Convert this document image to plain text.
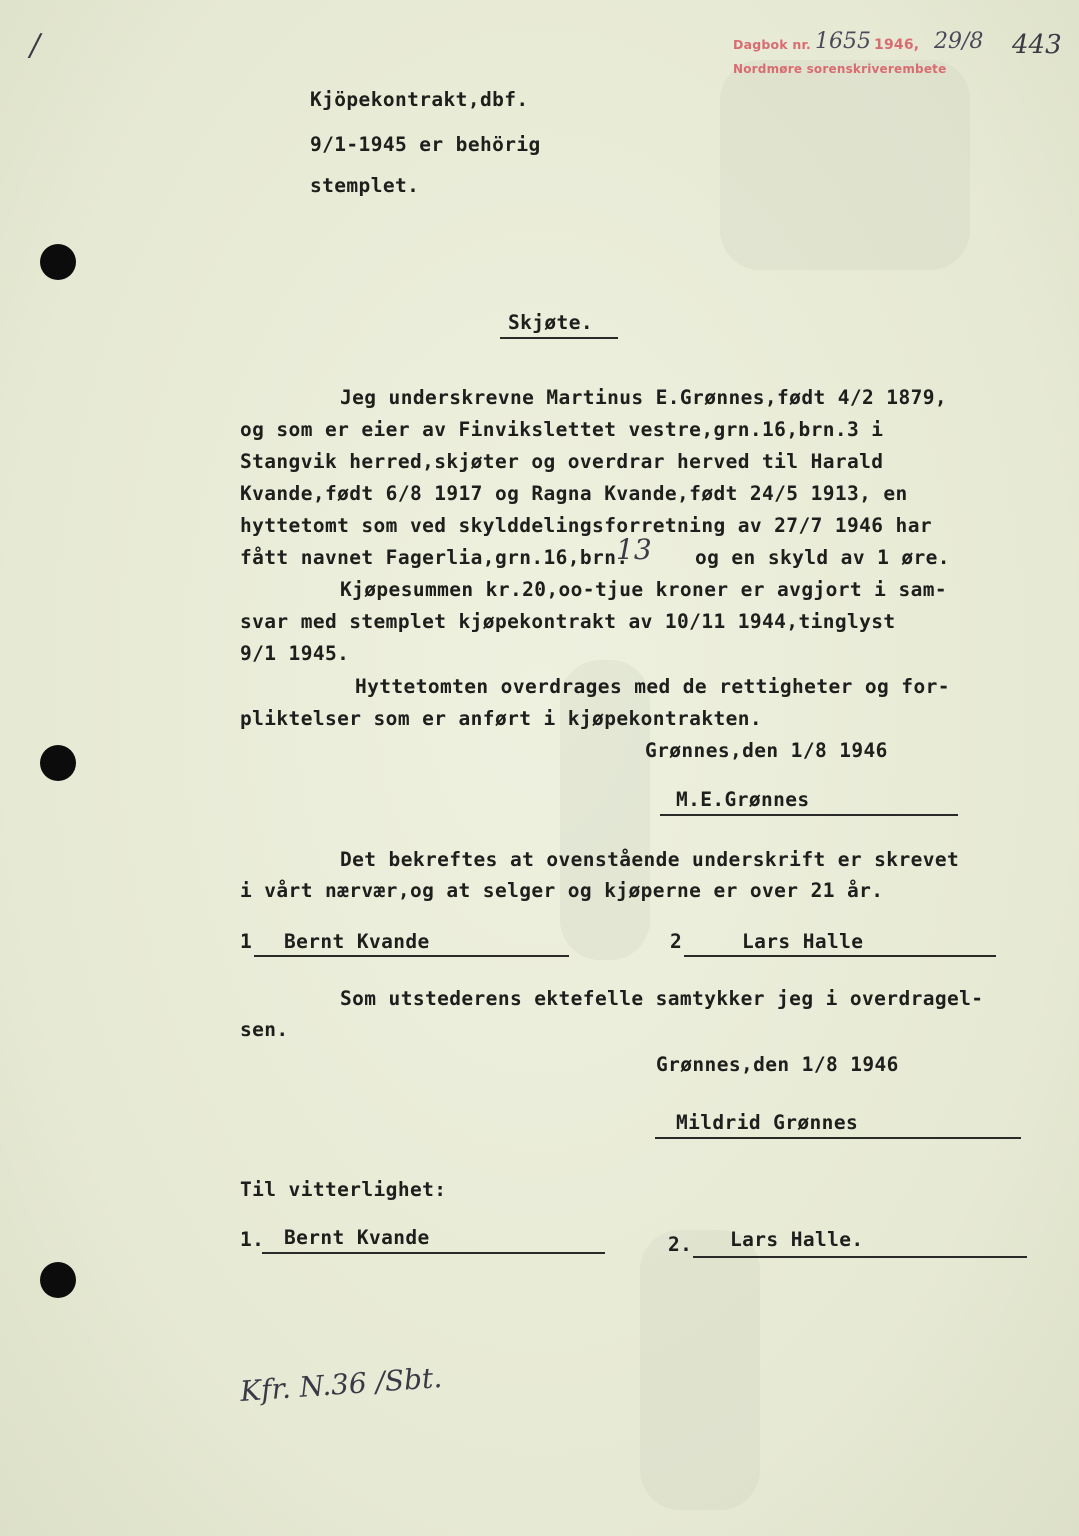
/	Dagbok nr. 1655 1946, 29/8
Nordmøre sorenskriverembete
443
Kjöpekontrakt,dbf.
9/1-1945 er behörig
stemplet.
Skjøte.
Jeg underskrevne Martinus E.Grønnes,født 4/2 1879,
og som er eier av Finvikslettet vestre,grn.16,brn.3 i
Stangvik herred,skjøter og overdrar herved til Harald
Kvande,født 6/8 1917 og Ragna Kvande,født 24/5 1913, en
hyttetomt som ved skylddelingsforretning av 27/7 1946 har
fått navnet Fagerlia,grn.16,brn.
13 og en skyld av 1 øre.
Kjøpesummen kr.20,oo-tjue kroner er avgjort i sam-
svar med stemplet kjøpekontrakt av 10/11 1944,tinglyst
9/1 1945.
Hyttetomten overdrages med de rettigheter og for-
pliktelser som er anført i kjøpekontrakten.
Grønnes,den 1/8 1946
M.E.Grønnes
Det bekreftes at ovenstående underskrift er skrevet
i vårt nærvær,og at selger og kjøperne er over 21 år.
1 Bernt Kvande	2	Lars Halle
Som utstederens ektefelle samtykker jeg i overdragel-
sen.
Grønnes,den 1/8 1946
Mildrid Grønnes
Til vitterlighet:
1. Bernt Kvande	2. Lars Halle.
Kfr. N.36 /Sbt.
